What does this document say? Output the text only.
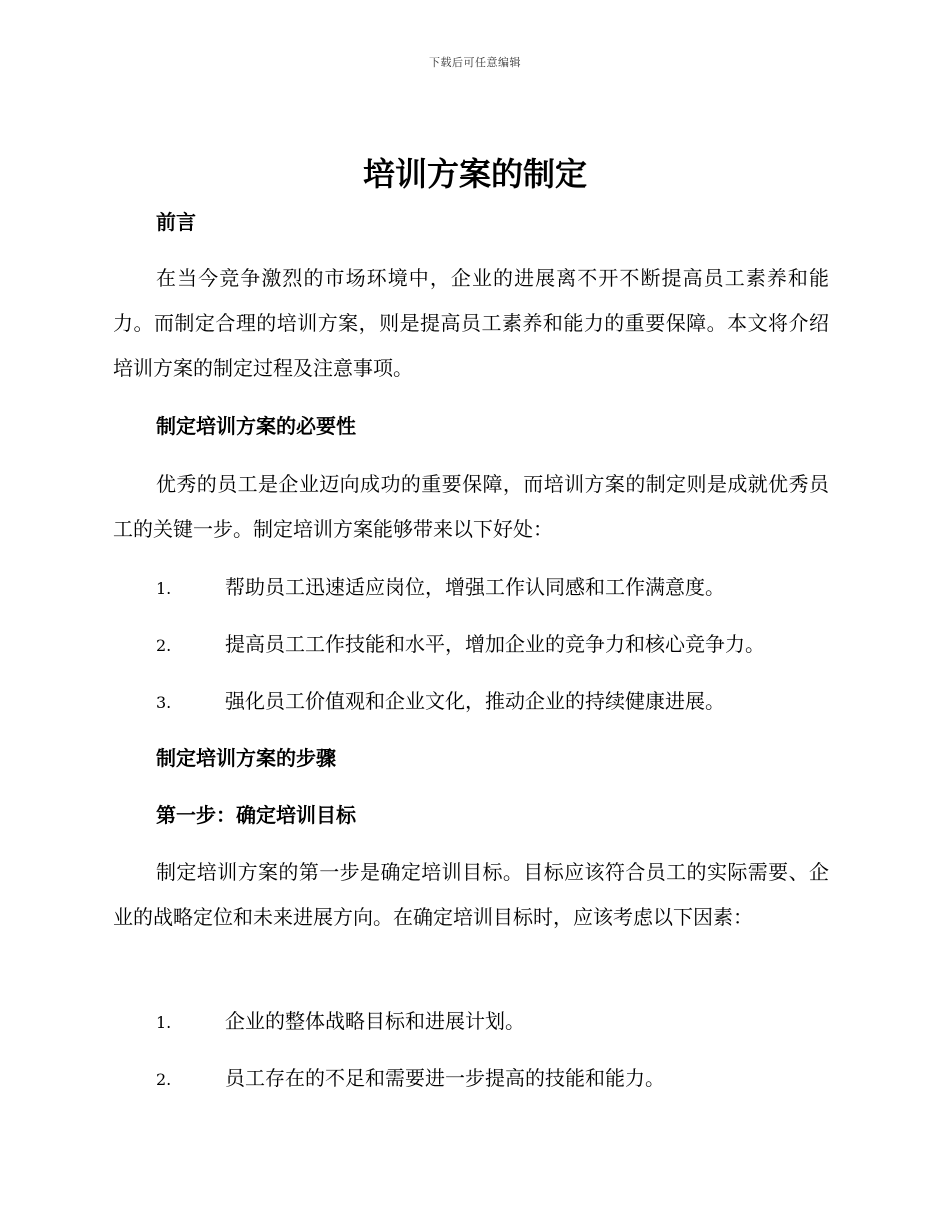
下载后可任意编辑
培训方案的制定
前言

在当今竞争激烈的市场环境中，企业的进展离不开不断提高员工素养和能力。而制定合理的培训方案，则是提高员工素养和能力的重要保障。本文将介绍培训方案的制定过程及注意事项。

制定培训方案的必要性

优秀的员工是企业迈向成功的重要保障，而培训方案的制定则是成就优秀员工的关键一步。制定培训方案能够带来以下好处：

1.	帮助员工迅速适应岗位，增强工作认同感和工作满意度。
2.	提高员工工作技能和水平，增加企业的竞争力和核心竞争力。
3.	强化员工价值观和企业文化，推动企业的持续健康进展。
制定培训方案的步骤
第一步：确定培训目标

制定培训方案的第一步是确定培训目标。目标应该符合员工的实际需要、企业的战略定位和未来进展方向。在确定培训目标时，应该考虑以下因素：

1.	企业的整体战略目标和进展计划。
2.	员工存在的不足和需要进一步提高的技能和能力。
